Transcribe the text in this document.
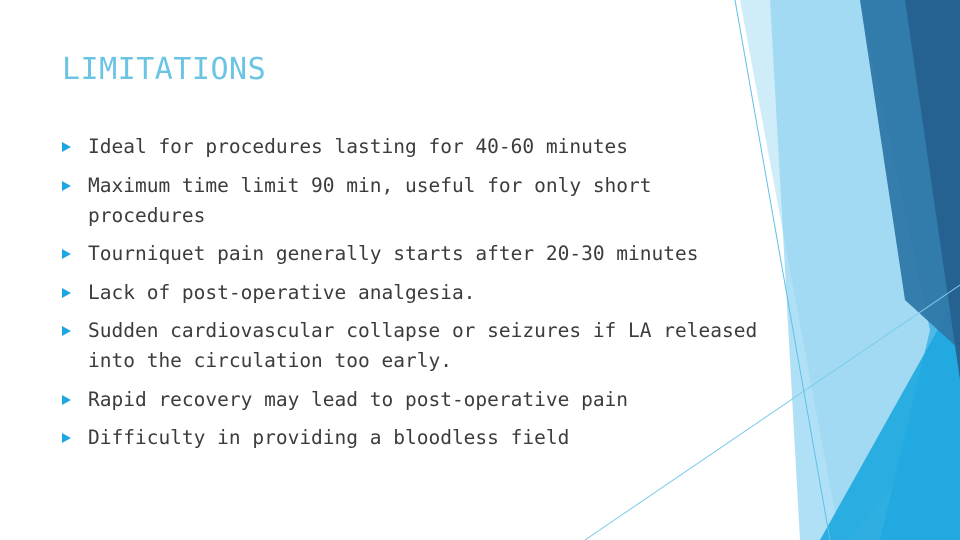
LIMITATIONS
Ideal for procedures lasting for 40-60 minutes
Maximum time limit 90 min, useful for only short procedures
Tourniquet pain generally starts after 20-30 minutes
Lack of post-operative analgesia.
Sudden cardiovascular collapse or seizures if LA released into the circulation too early.
Rapid recovery may lead to post-operative pain
Difficulty in providing a bloodless field
